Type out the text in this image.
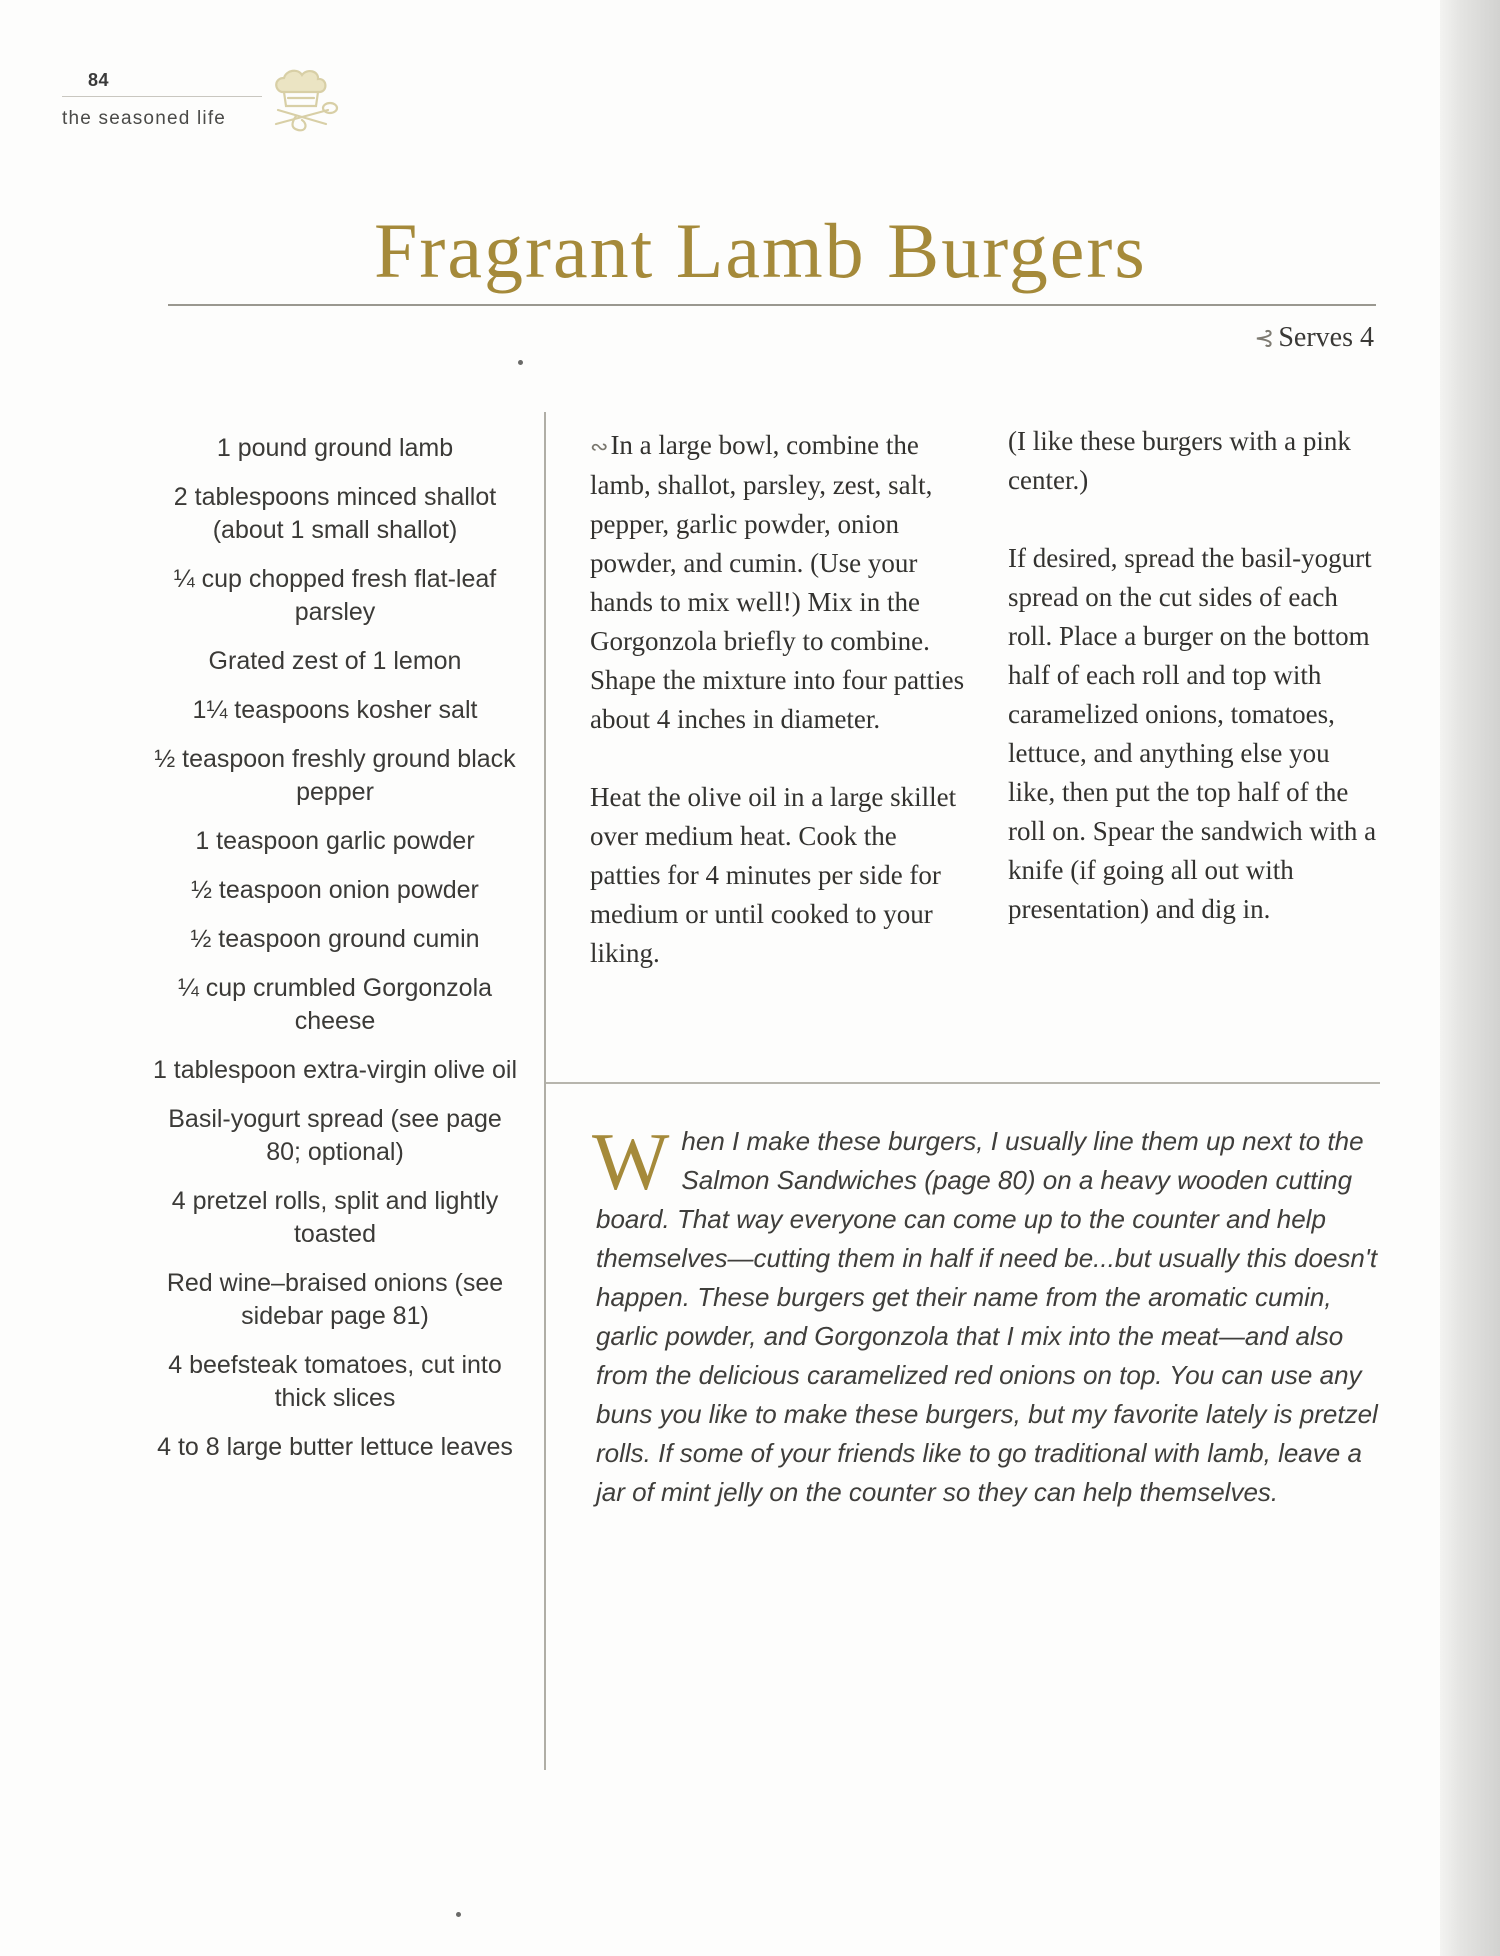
84
the seasoned life
Fragrant Lamb Burgers
⊰ Serves 4
1 pound ground lamb
2 tablespoons minced shallot (about 1 small shallot)
¼ cup chopped fresh flat-leaf parsley
Grated zest of 1 lemon
1¼ teaspoons kosher salt
½ teaspoon freshly ground black pepper
1 teaspoon garlic powder
½ teaspoon onion powder
½ teaspoon ground cumin
¼ cup crumbled Gorgonzola cheese
1 tablespoon extra-virgin olive oil
Basil-yogurt spread (see page 80; optional)
4 pretzel rolls, split and lightly toasted
Red wine–braised onions (see sidebar page 81)
4 beefsteak tomatoes, cut into thick slices
4 to 8 large butter lettuce leaves

∾In a large bowl, combine the lamb, shallot, parsley, zest, salt, pepper, garlic powder, onion powder, and cumin. (Use your hands to mix well!) Mix in the Gorgonzola briefly to combine. Shape the mixture into four patties about 4 inches in diameter.

Heat the olive oil in a large skillet over medium heat. Cook the patties for 4 minutes per side for medium or until cooked to your liking.

(I like these burgers with a pink center.)

If desired, spread the basil-yogurt spread on the cut sides of each roll. Place a burger on the bottom half of each roll and top with caramelized onions, tomatoes, lettuce, and anything else you like, then put the top half of the roll on. Spear the sandwich with a knife (if going all out with presentation) and dig in.

When I make these burgers, I usually line them up next to the Salmon Sandwiches (page 80) on a heavy wooden cutting board. That way everyone can come up to the counter and help themselves—cutting them in half if need be...but usually this doesn't happen. These burgers get their name from the aromatic cumin, garlic powder, and Gorgonzola that I mix into the meat—and also from the delicious caramelized red onions on top. You can use any buns you like to make these burgers, but my favorite lately is pretzel rolls. If some of your friends like to go traditional with lamb, leave a jar of mint jelly on the counter so they can help themselves.
